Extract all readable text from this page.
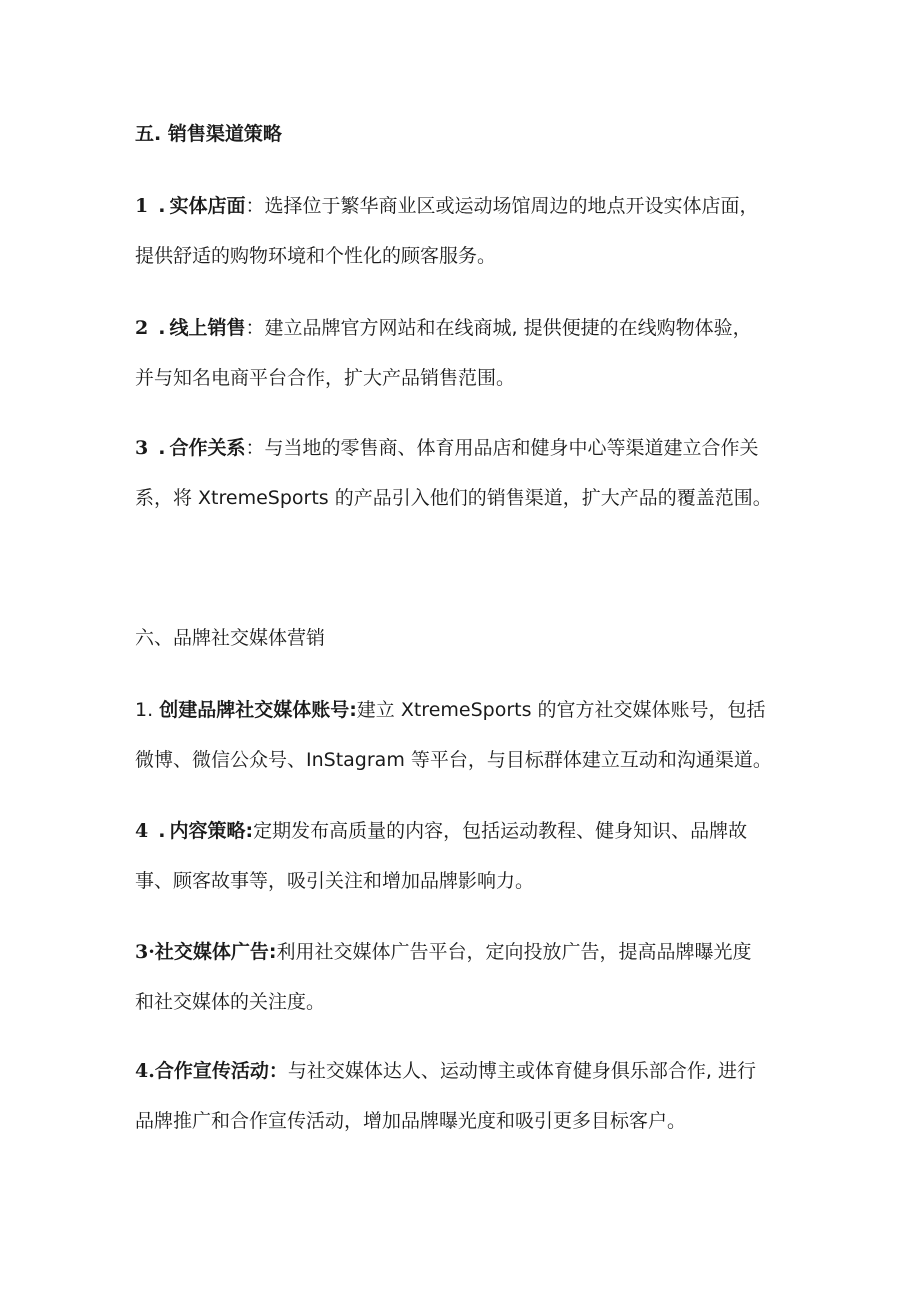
五. 销售渠道策略
1 . 实体店面：选择位于繁华商业区或运动场馆周边的地点开设实体店面，
提供舒适的购物环境和个性化的顾客服务。
2 . 线上销售：建立品牌官方网站和在线商城, 提供便捷的在线购物体验，
并与知名电商平台合作，扩大产品销售范围。
3 . 合作关系：与当地的零售商、体育用品店和健身中心等渠道建立合作关
系，将 XtremeSports 的产品引入他们的销售渠道，扩大产品的覆盖范围。
六、品牌社交媒体营销
1. 创建品牌社交媒体账号:建立 XtremeSports 的官方社交媒体账号，包括
微博、微信公众号、InStagram 等平台，与目标群体建立互动和沟通渠道。
4 . 内容策略:定期发布高质量的内容，包括运动教程、健身知识、品牌故
事、顾客故事等，吸引关注和增加品牌影响力。
3·社交媒体广告:利用社交媒体广告平台，定向投放广告，提高品牌曝光度
和社交媒体的关注度。
4.合作宣传活动：与社交媒体达人、运动博主或体育健身俱乐部合作, 进行
品牌推广和合作宣传活动，增加品牌曝光度和吸引更多目标客户。
